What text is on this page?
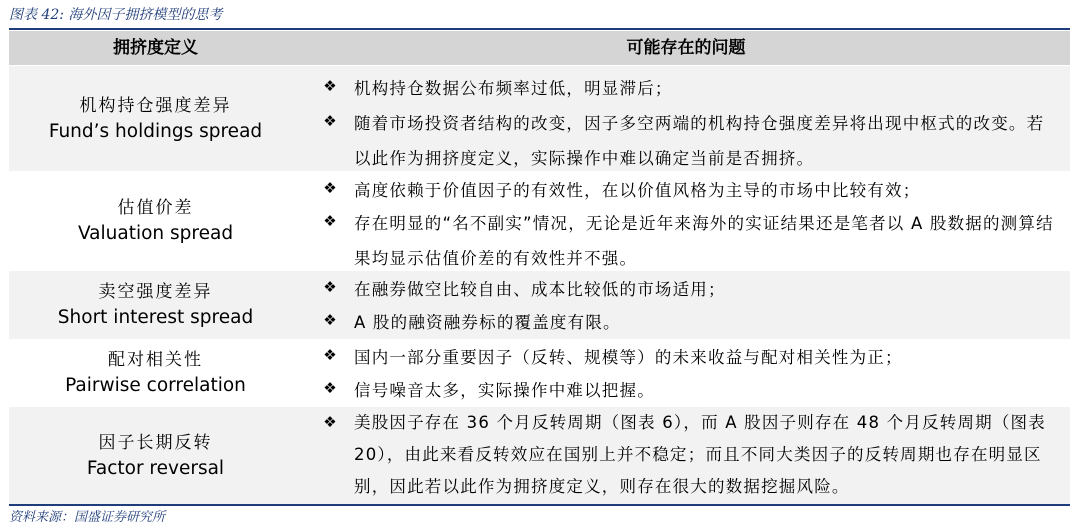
图表 42: 海外因子拥挤模型的思考
拥挤度定义	可能存在的问题
机构持仓强度差异
Fund’s holdings spread
❖ 机构持仓数据公布频率过低，明显滞后；
❖ 随着市场投资者结构的改变，因子多空两端的机构持仓强度差异将出现中枢式的改变。若以此作为拥挤度定义，实际操作中难以确定当前是否拥挤。
估值价差
Valuation spread
❖ 高度依赖于价值因子的有效性，在以价值风格为主导的市场中比较有效；
❖ 存在明显的“名不副实”情况，无论是近年来海外的实证结果还是笔者以 A 股数据的测算结果均显示估值价差的有效性并不强。
卖空强度差异
Short interest spread
❖ 在融券做空比较自由、成本比较低的市场适用；
❖ A 股的融资融券标的覆盖度有限。
配对相关性
Pairwise correlation
❖ 国内一部分重要因子（反转、规模等）的未来收益与配对相关性为正；
❖ 信号噪音太多，实际操作中难以把握。
因子长期反转
Factor reversal
❖ 美股因子存在 36 个月反转周期（图表 6），而 A 股因子则存在 48 个月反转周期（图表 20），由此来看反转效应在国别上并不稳定；而且不同大类因子的反转周期也存在明显区别，因此若以此作为拥挤度定义，则存在很大的数据挖掘风险。
资料来源：国盛证券研究所
